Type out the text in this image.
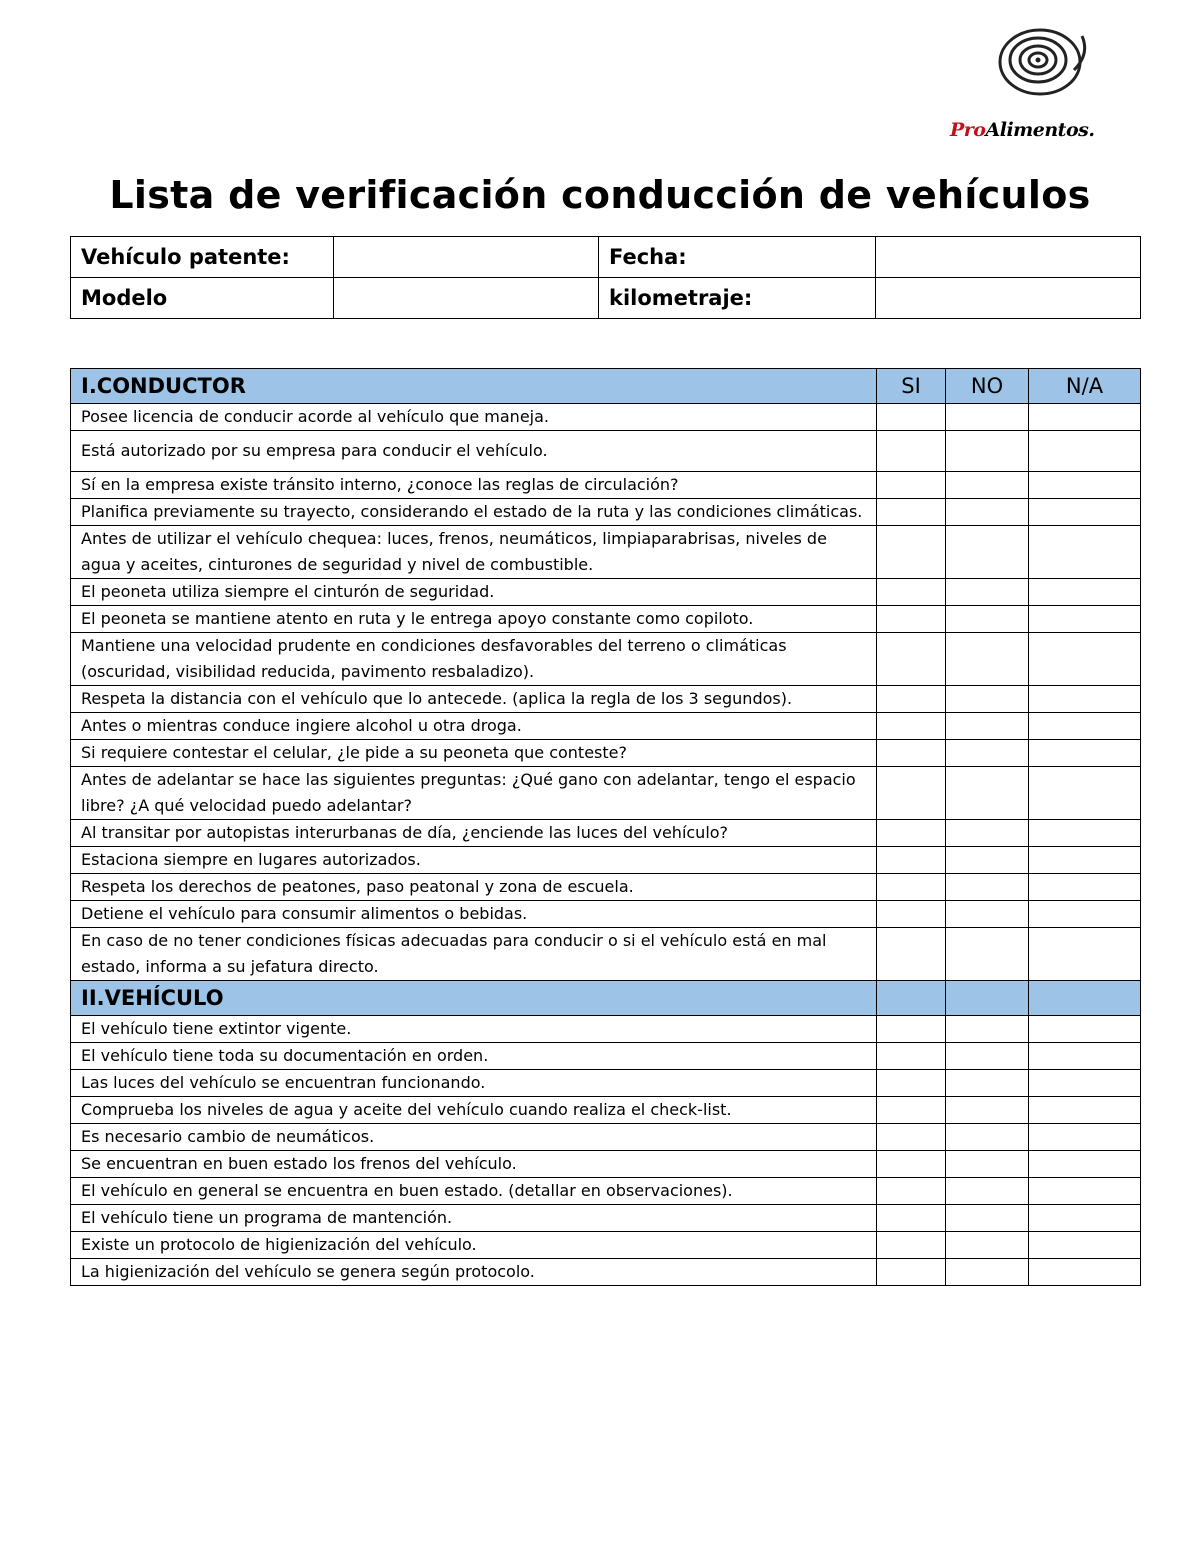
ProAlimentos.
Lista de verificación conducción de vehículos
Vehículo patente:		Fecha:	
Modelo		kilometraje:	
I.CONDUCTOR	SI	NO	N/A
Posee licencia de conducir acorde al vehículo que maneja.			
Está autorizado por su empresa para conducir el vehículo.			
Sí en la empresa existe tránsito interno, ¿conoce las reglas de circulación?			
Planifica previamente su trayecto, considerando el estado de la ruta y las condiciones climáticas.			
Antes de utilizar el vehículo chequea: luces, frenos, neumáticos, limpiaparabrisas, niveles de agua y aceites, cinturones de seguridad y nivel de combustible.			
El peoneta utiliza siempre el cinturón de seguridad.			
El peoneta se mantiene atento en ruta y le entrega apoyo constante como copiloto.			
Mantiene una velocidad prudente en condiciones desfavorables del terreno o climáticas (oscuridad, visibilidad reducida, pavimento resbaladizo).			
Respeta la distancia con el vehículo que lo antecede. (aplica la regla de los 3 segundos).			
Antes o mientras conduce ingiere alcohol u otra droga.			
Si requiere contestar el celular, ¿le pide a su peoneta que conteste?			
Antes de adelantar se hace las siguientes preguntas: ¿Qué gano con adelantar, tengo el espacio libre? ¿A qué velocidad puedo adelantar?			
Al transitar por autopistas interurbanas de día, ¿enciende las luces del vehículo?			
Estaciona siempre en lugares autorizados.			
Respeta los derechos de peatones, paso peatonal y zona de escuela.			
Detiene el vehículo para consumir alimentos o bebidas.			
En caso de no tener condiciones físicas adecuadas para conducir o si el vehículo está en mal estado, informa a su jefatura directo.			
II.VEHÍCULO			
El vehículo tiene extintor vigente.			
El vehículo tiene toda su documentación en orden.			
Las luces del vehículo se encuentran funcionando.			
Comprueba los niveles de agua y aceite del vehículo cuando realiza el check-list.			
Es necesario cambio de neumáticos.			
Se encuentran en buen estado los frenos del vehículo.			
El vehículo en general se encuentra en buen estado. (detallar en observaciones).			
El vehículo tiene un programa de mantención.			
Existe un protocolo de higienización del vehículo.			
La higienización del vehículo se genera según protocolo.			
